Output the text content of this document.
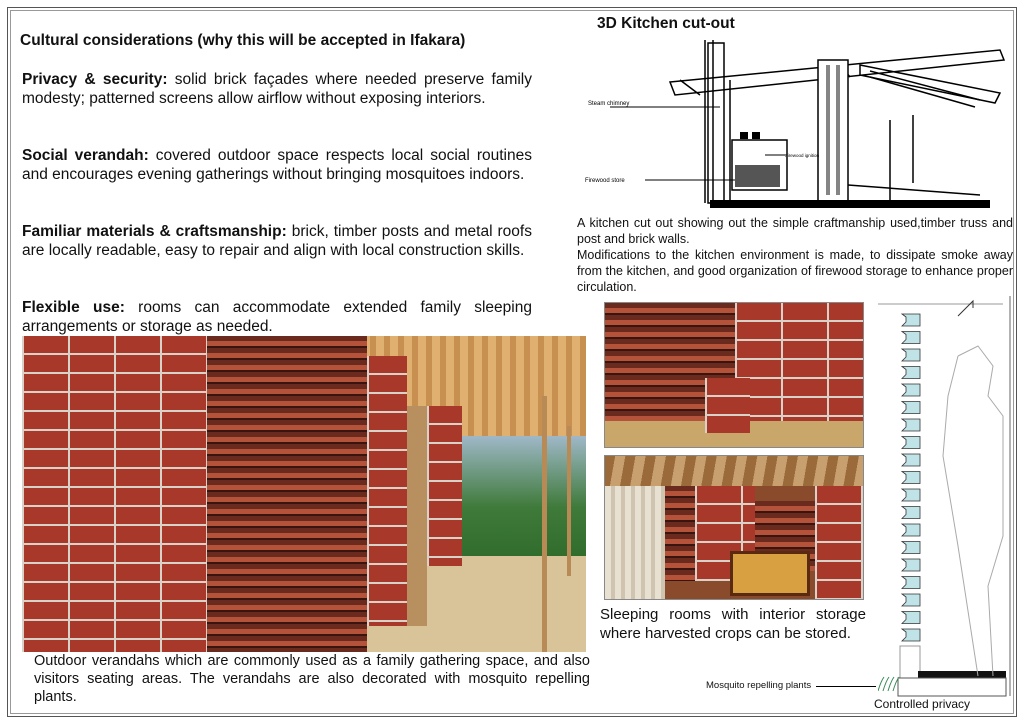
Cultural considerations (why this will be accepted in Ifakara)
Privacy & security: solid brick façades where needed preserve family modesty; patterned screens allow airflow without exposing interiors.
Social verandah: covered outdoor space respects local social routines and encourages evening gatherings without bringing mosquitoes indoors.
Familiar materials & craftsmanship: brick, timber posts and metal roofs are locally readable, easy to repair and align with local construction skills.
Flexible use: rooms can accommodate extended family sleeping arrangements or storage as needed.
Outdoor verandahs which are commonly used as a family gathering space, and also visitors seating areas. The verandahs are also decorated with mosquito repelling plants.
3D Kitchen cut-out
Steam chimney
Firewood store
Firewood ignition
A kitchen cut out showing out the simple craftmanship used,timber truss and post and brick walls.
Modifications to the kitchen environment is made, to dissipate smoke away from the kitchen, and good organization of firewood storage to enhance proper circulation.
Sleeping rooms with interior storage where harvested crops can be stored.
Mosquito repelling plants
Controlled privacy
